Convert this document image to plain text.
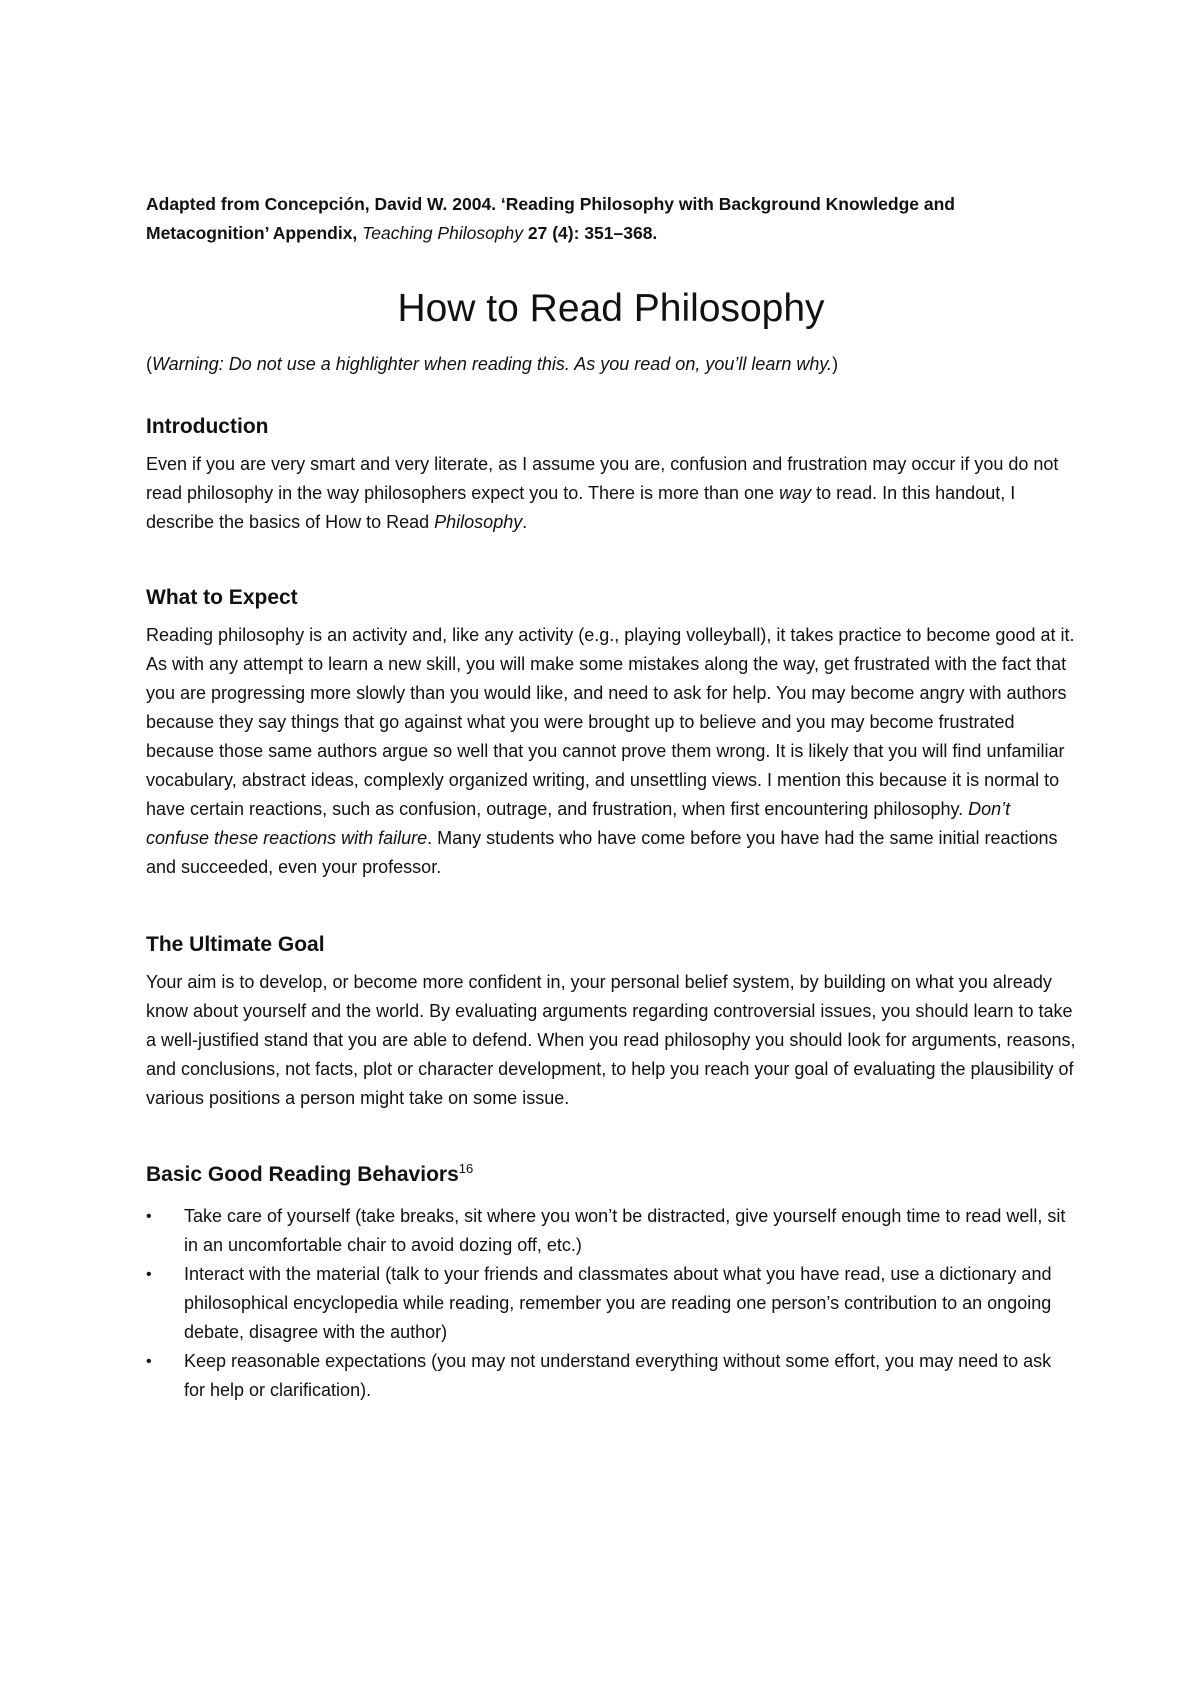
Adapted from Concepción, David W. 2004. ‘Reading Philosophy with Background Knowledge and Metacognition’ Appendix, Teaching Philosophy 27 (4): 351–368.

How to Read Philosophy

(Warning: Do not use a highlighter when reading this. As you read on, you’ll learn why.)

Introduction

Even if you are very smart and very literate, as I assume you are, confusion and frustration may occur if you do not read philosophy in the way philosophers expect you to. There is more than one way to read. In this handout, I describe the basics of How to Read Philosophy.

What to Expect

Reading philosophy is an activity and, like any activity (e.g., playing volleyball), it takes practice to become good at it. As with any attempt to learn a new skill, you will make some mistakes along the way, get frustrated with the fact that you are progressing more slowly than you would like, and need to ask for help. You may become angry with authors because they say things that go against what you were brought up to believe and you may become frustrated because those same authors argue so well that you cannot prove them wrong. It is likely that you will find unfamiliar vocabulary, abstract ideas, complexly organized writing, and unsettling views. I mention this because it is normal to have certain reactions, such as confusion, outrage, and frustration, when first encountering philosophy. Don’t confuse these reactions with failure. Many students who have come before you have had the same initial reactions and succeeded, even your professor.

The Ultimate Goal

Your aim is to develop, or become more confident in, your personal belief system, by building on what you already know about yourself and the world. By evaluating arguments regarding controversial issues, you should learn to take a well-justified stand that you are able to defend. When you read philosophy you should look for arguments, reasons, and conclusions, not facts, plot or character development, to help you reach your goal of evaluating the plausibility of various positions a person might take on some issue.

Basic Good Reading Behaviors$^{16}$
•	Take care of yourself (take breaks, sit where you won’t be distracted, give yourself enough time to read well, sit in an uncomfortable chair to avoid dozing off, etc.)
•	Interact with the material (talk to your friends and classmates about what you have read, use a dictionary and philosophical encyclopedia while reading, remember you are reading one person’s contribution to an ongoing debate, disagree with the author)
•	Keep reasonable expectations (you may not understand everything without some effort, you may need to ask for help or clarification).
